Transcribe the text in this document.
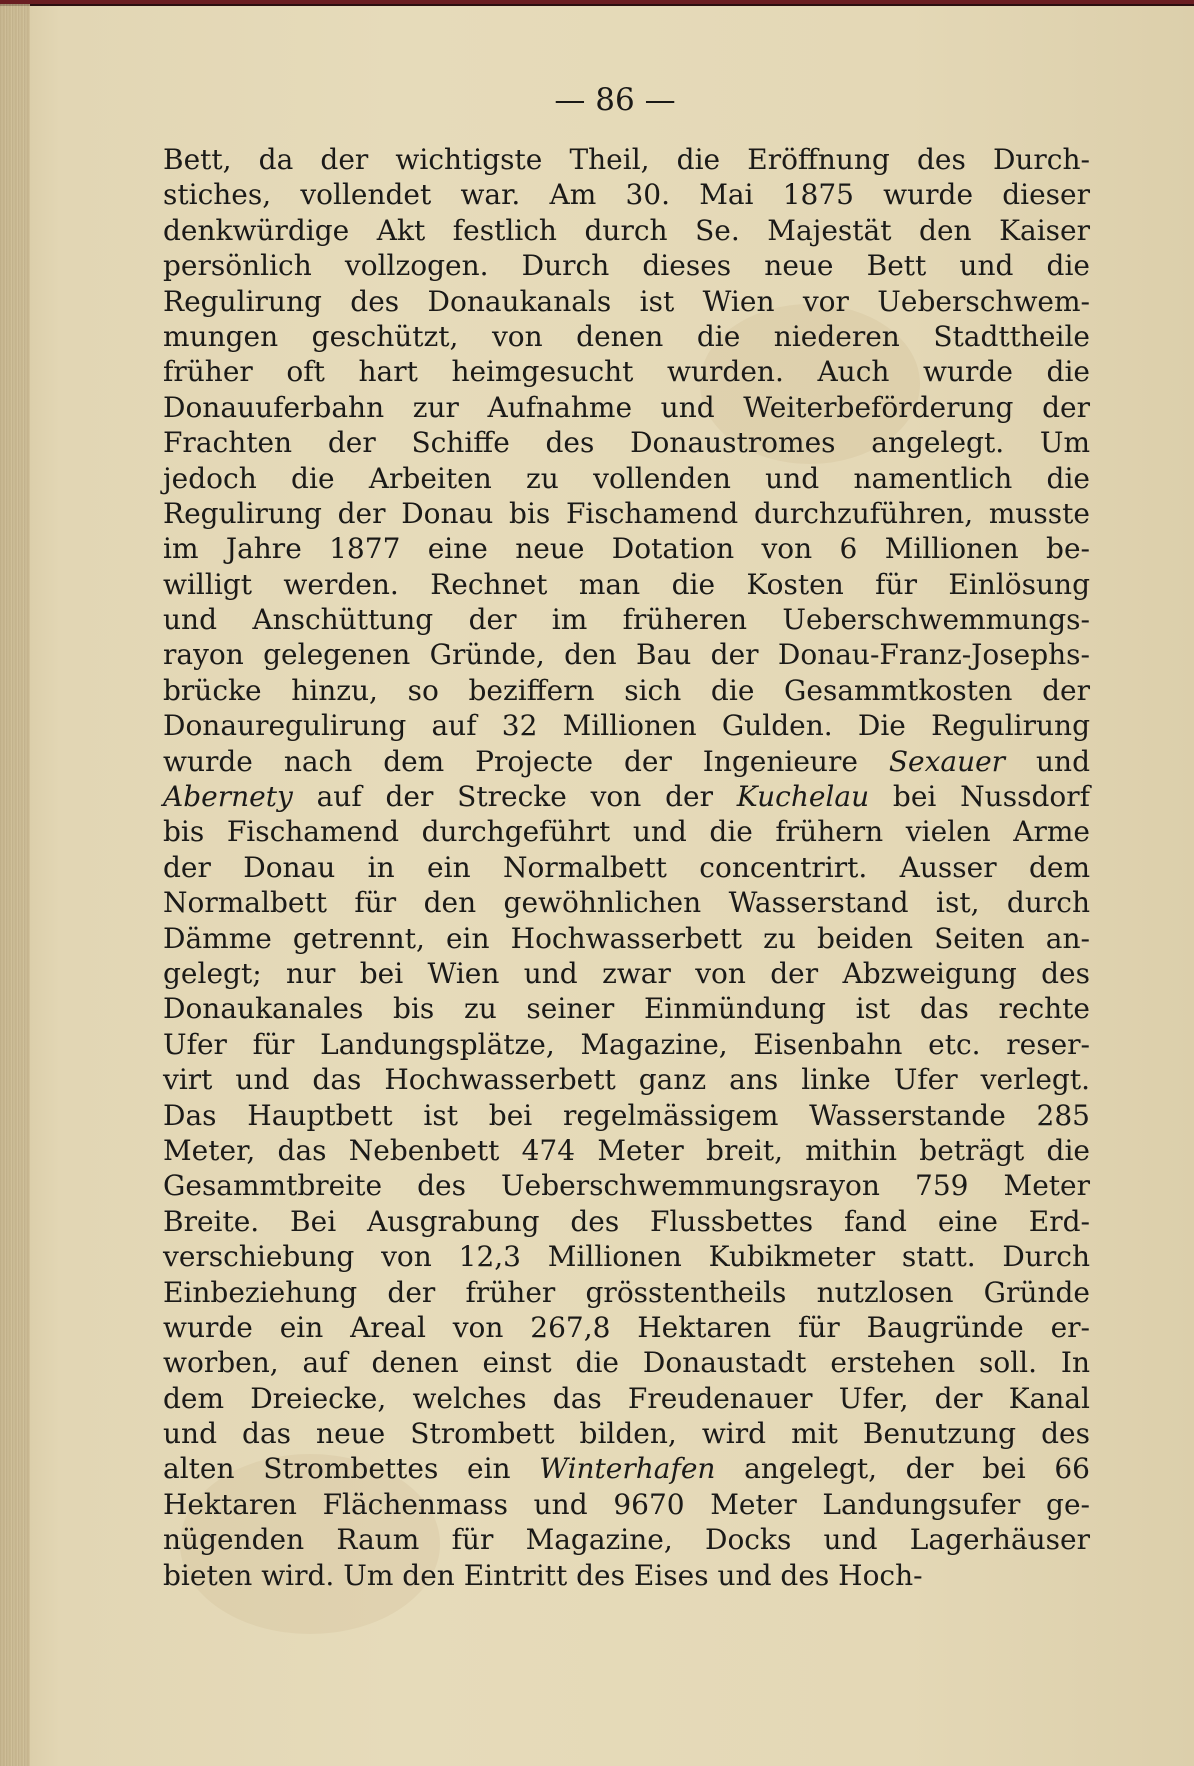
— 86 —
Bett, da der wichtigste Theil, die Eröffnung des Durch-
stiches, vollendet war. Am 30. Mai 1875 wurde dieser
denkwürdige Akt festlich durch Se. Majestät den Kaiser
persönlich vollzogen. Durch dieses neue Bett und die
Regulirung des Donaukanals ist Wien vor Ueberschwem-
mungen geschützt, von denen die niederen Stadttheile
früher oft hart heimgesucht wurden. Auch wurde die
Donauuferbahn zur Aufnahme und Weiterbeförderung der
Frachten der Schiffe des Donaustromes angelegt. Um
jedoch die Arbeiten zu vollenden und namentlich die
Regulirung der Donau bis Fischamend durchzuführen, musste
im Jahre 1877 eine neue Dotation von 6 Millionen be-
willigt werden. Rechnet man die Kosten für Einlösung
und Anschüttung der im früheren Ueberschwemmungs-
rayon gelegenen Gründe, den Bau der Donau-Franz-Josephs-
brücke hinzu, so beziffern sich die Gesammtkosten der
Donauregulirung auf 32 Millionen Gulden. Die Regulirung
wurde nach dem Projecte der Ingenieure Sexauer und
Abernety auf der Strecke von der Kuchelau bei Nussdorf
bis Fischamend durchgeführt und die frühern vielen Arme
der Donau in ein Normalbett concentrirt. Ausser dem
Normalbett für den gewöhnlichen Wasserstand ist, durch
Dämme getrennt, ein Hochwasserbett zu beiden Seiten an-
gelegt; nur bei Wien und zwar von der Abzweigung des
Donaukanales bis zu seiner Einmündung ist das rechte
Ufer für Landungsplätze, Magazine, Eisenbahn etc. reser-
virt und das Hochwasserbett ganz ans linke Ufer verlegt.
Das Hauptbett ist bei regelmässigem Wasserstande 285
Meter, das Nebenbett 474 Meter breit, mithin beträgt die
Gesammtbreite des Ueberschwemmungsrayon 759 Meter
Breite. Bei Ausgrabung des Flussbettes fand eine Erd-
verschiebung von 12,3 Millionen Kubikmeter statt. Durch
Einbeziehung der früher grösstentheils nutzlosen Gründe
wurde ein Areal von 267,8 Hektaren für Baugründe er-
worben, auf denen einst die Donaustadt erstehen soll. In
dem Dreiecke, welches das Freudenauer Ufer, der Kanal
und das neue Strombett bilden, wird mit Benutzung des
alten Strombettes ein Winterhafen angelegt, der bei 66
Hektaren Flächenmass und 9670 Meter Landungsufer ge-
nügenden Raum für Magazine, Docks und Lagerhäuser
bieten wird. Um den Eintritt des Eises und des Hoch-
